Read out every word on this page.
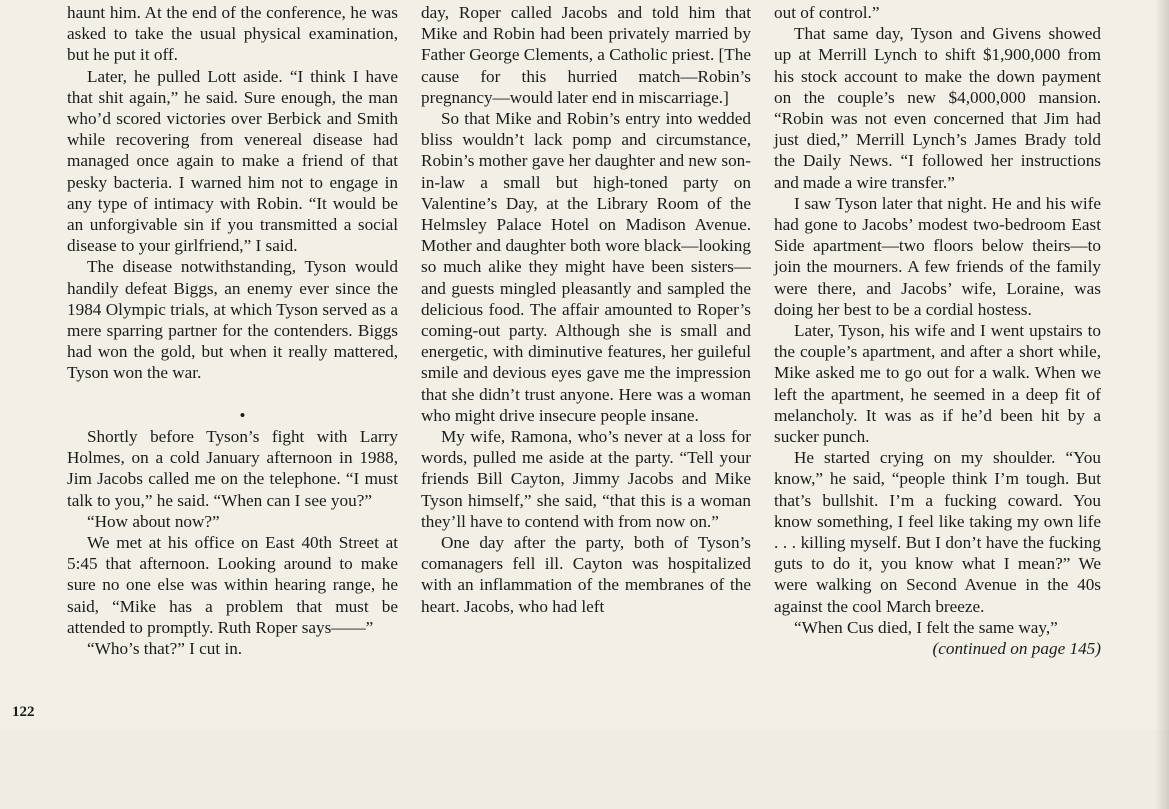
haunt him. At the end of the conference, he was asked to take the usual physical examination, but he put it off.

Later, he pulled Lott aside. “I think I have that shit again,” he said. Sure enough, the man who’d scored victories over Berbick and Smith while recovering from venereal disease had managed once again to make a friend of that pesky bacteria. I warned him not to engage in any type of intimacy with Robin. “It would be an unforgivable sin if you transmitted a social disease to your girlfriend,” I said.

The disease notwithstanding, Tyson would handily defeat Biggs, an enemy ever since the 1984 Olympic trials, at which Tyson served as a mere sparring partner for the contenders. Biggs had won the gold, but when it really mattered, Tyson won the war.

•

Shortly before Tyson’s fight with Larry Holmes, on a cold January afternoon in 1988, Jim Jacobs called me on the telephone. “I must talk to you,” he said. “When can I see you?”

“How about now?”

We met at his office on East 40th Street at 5:45 that afternoon. Looking around to make sure no one else was within hearing range, he said, “Mike has a problem that must be attended to promptly. Ruth Roper says——”

“Who’s that?” I cut in.

day, Roper called Jacobs and told him that Mike and Robin had been privately married by Father George Clements, a Catholic priest. [The cause for this hurried match—Robin’s pregnancy—would later end in miscarriage.]

So that Mike and Robin’s entry into wedded bliss wouldn’t lack pomp and circumstance, Robin’s mother gave her daughter and new son-in-law a small but high-toned party on Valentine’s Day, at the Library Room of the Helmsley Palace Hotel on Madison Avenue. Mother and daughter both wore black—looking so much alike they might have been sisters—and guests mingled pleasantly and sampled the delicious food. The affair amounted to Roper’s coming-out party. Although she is small and energetic, with diminutive features, her guileful smile and devious eyes gave me the impression that she didn’t trust anyone. Here was a woman who might drive insecure people insane.

My wife, Ramona, who’s never at a loss for words, pulled me aside at the party. “Tell your friends Bill Cayton, Jimmy Jacobs and Mike Tyson himself,” she said, “that this is a woman they’ll have to contend with from now on.”

One day after the party, both of Tyson’s comanagers fell ill. Cayton was hospitalized with an inflammation of the membranes of the heart. Jacobs, who had left

out of control.”

That same day, Tyson and Givens showed up at Merrill Lynch to shift $1,900,000 from his stock account to make the down payment on the couple’s new $4,000,000 mansion. “Robin was not even concerned that Jim had just died,” Merrill Lynch’s James Brady told the Daily News. “I followed her instructions and made a wire transfer.”

I saw Tyson later that night. He and his wife had gone to Jacobs’ modest two-bedroom East Side apartment—two floors below theirs—to join the mourners. A few friends of the family were there, and Jacobs’ wife, Loraine, was doing her best to be a cordial hostess.

Later, Tyson, his wife and I went upstairs to the couple’s apartment, and after a short while, Mike asked me to go out for a walk. When we left the apartment, he seemed in a deep fit of melancholy. It was as if he’d been hit by a sucker punch.

He started crying on my shoulder. “You know,” he said, “people think I’m tough. But that’s bullshit. I’m a fucking coward. You know something, I feel like taking my own life . . . killing myself. But I don’t have the fucking guts to do it, you know what I mean?” We were walking on Second Avenue in the 40s against the cool March breeze.

“When Cus died, I felt the same way,”

(continued on page 145)

122
